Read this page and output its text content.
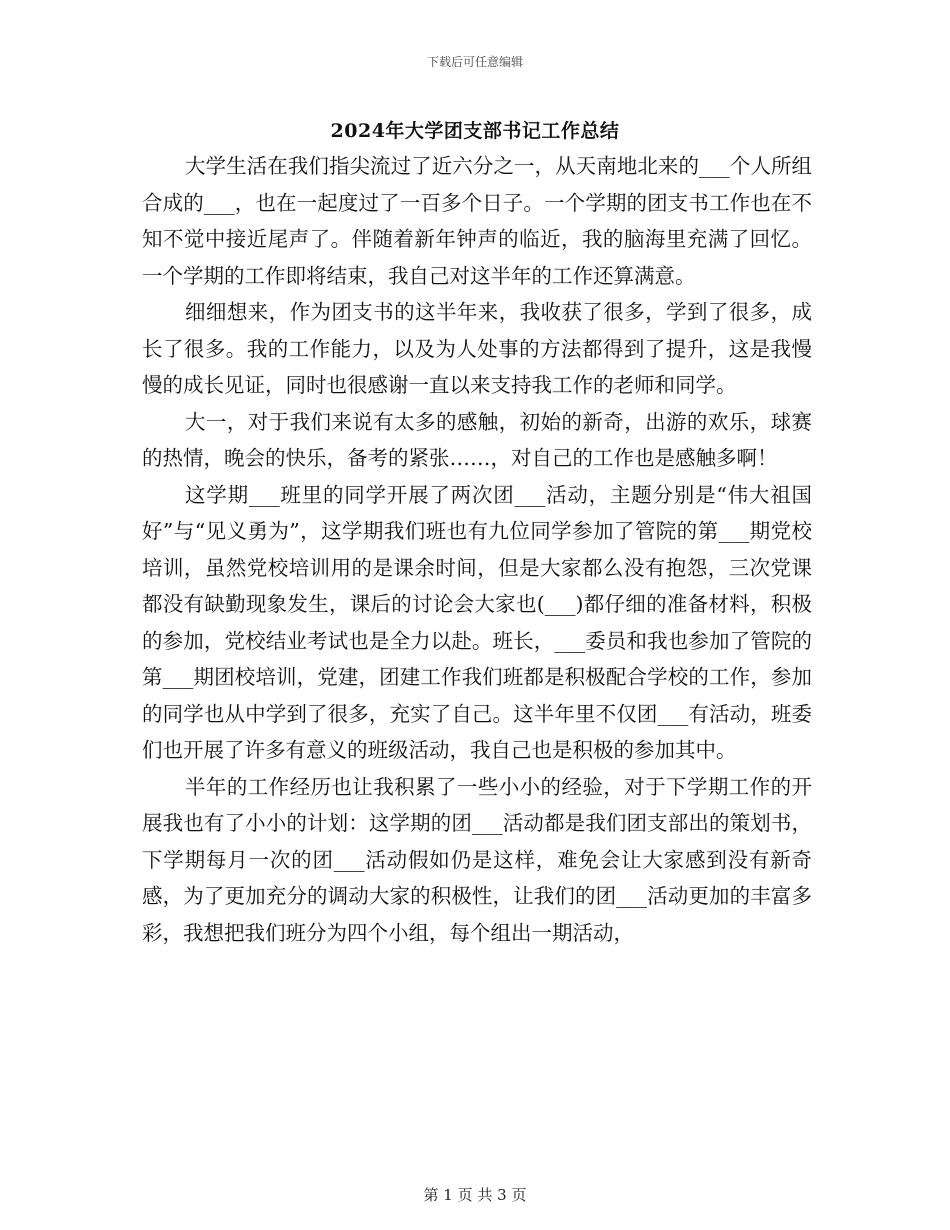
下载后可任意编辑
2024年大学团支部书记工作总结

大学生活在我们指尖流过了近六分之一，从天南地北来的___个人所组合成的___，也在一起度过了一百多个日子。一个学期的团支书工作也在不知不觉中接近尾声了。伴随着新年钟声的临近，我的脑海里充满了回忆。一个学期的工作即将结束，我自己对这半年的工作还算满意。

细细想来，作为团支书的这半年来，我收获了很多，学到了很多，成长了很多。我的工作能力，以及为人处事的方法都得到了提升，这是我慢慢的成长见证，同时也很感谢一直以来支持我工作的老师和同学。

大一，对于我们来说有太多的感触，初始的新奇，出游的欢乐，球赛的热情，晚会的快乐，备考的紧张……，对自己的工作也是感触多啊！

这学期___班里的同学开展了两次团___活动，主题分别是“伟大祖国好”与“见义勇为”，这学期我们班也有九位同学参加了管院的第___期党校培训，虽然党校培训用的是课余时间，但是大家都么没有抱怨，三次党课都没有缺勤现象发生，课后的讨论会大家也(___)都仔细的准备材料，积极的参加，党校结业考试也是全力以赴。班长，___委员和我也参加了管院的第___期团校培训，党建，团建工作我们班都是积极配合学校的工作，参加的同学也从中学到了很多，充实了自己。这半年里不仅团___有活动，班委们也开展了许多有意义的班级活动，我自己也是积极的参加其中。

半年的工作经历也让我积累了一些小小的经验，对于下学期工作的开展我也有了小小的计划：这学期的团___活动都是我们团支部出的策划书，下学期每月一次的团___活动假如仍是这样，难免会让大家感到没有新奇感，为了更加充分的调动大家的积极性，让我们的团___活动更加的丰富多彩，我想把我们班分为四个小组，每个组出一期活动，

第 1 页 共 3 页
